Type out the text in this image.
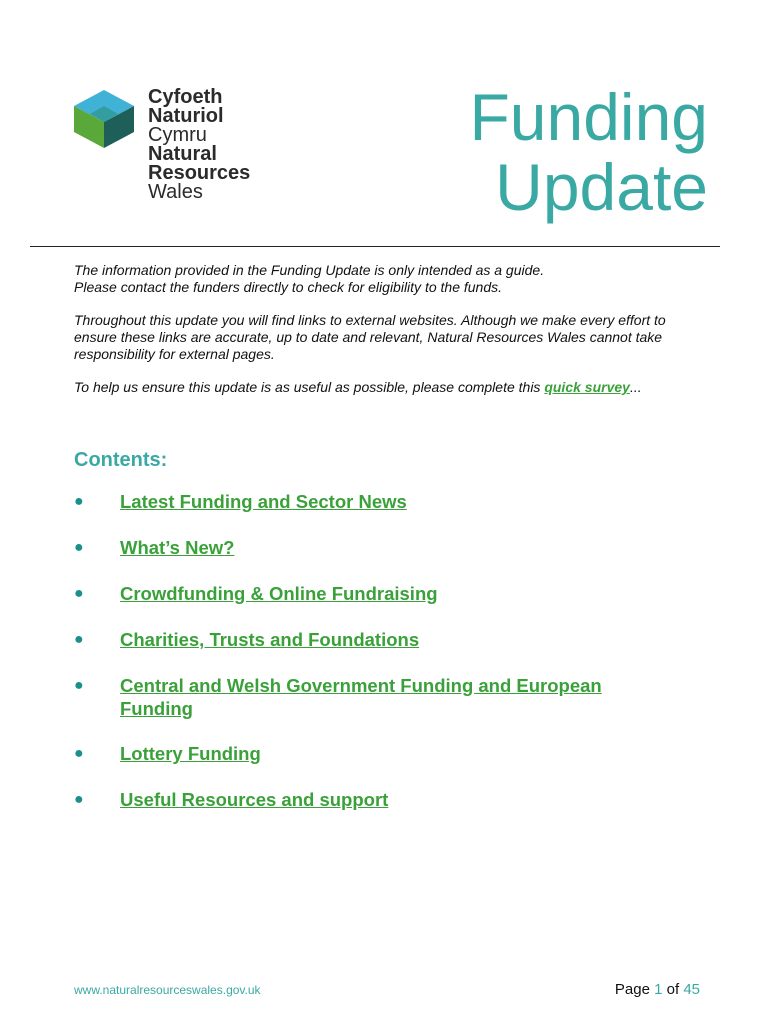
Cyfoeth
Naturiol
Cymru
Natural
Resources
Wales
Funding
Update

The information provided in the Funding Update is only intended as a guide.
Please contact the funders directly to check for eligibility to the funds.

Throughout this update you will find links to external websites. Although we make every effort to ensure these links are accurate, up to date and relevant, Natural Resources Wales cannot take responsibility for external pages.

To help us ensure this update is as useful as possible, please complete this quick survey...

Contents:
● Latest Funding and Sector News
● What’s New?
● Crowdfunding & Online Fundraising
● Charities, Trusts and Foundations
● Central and Welsh Government Funding and European Funding
● Lottery Funding
● Useful Resources and support
www.naturalresourceswales.gov.uk	Page 1 of 45
